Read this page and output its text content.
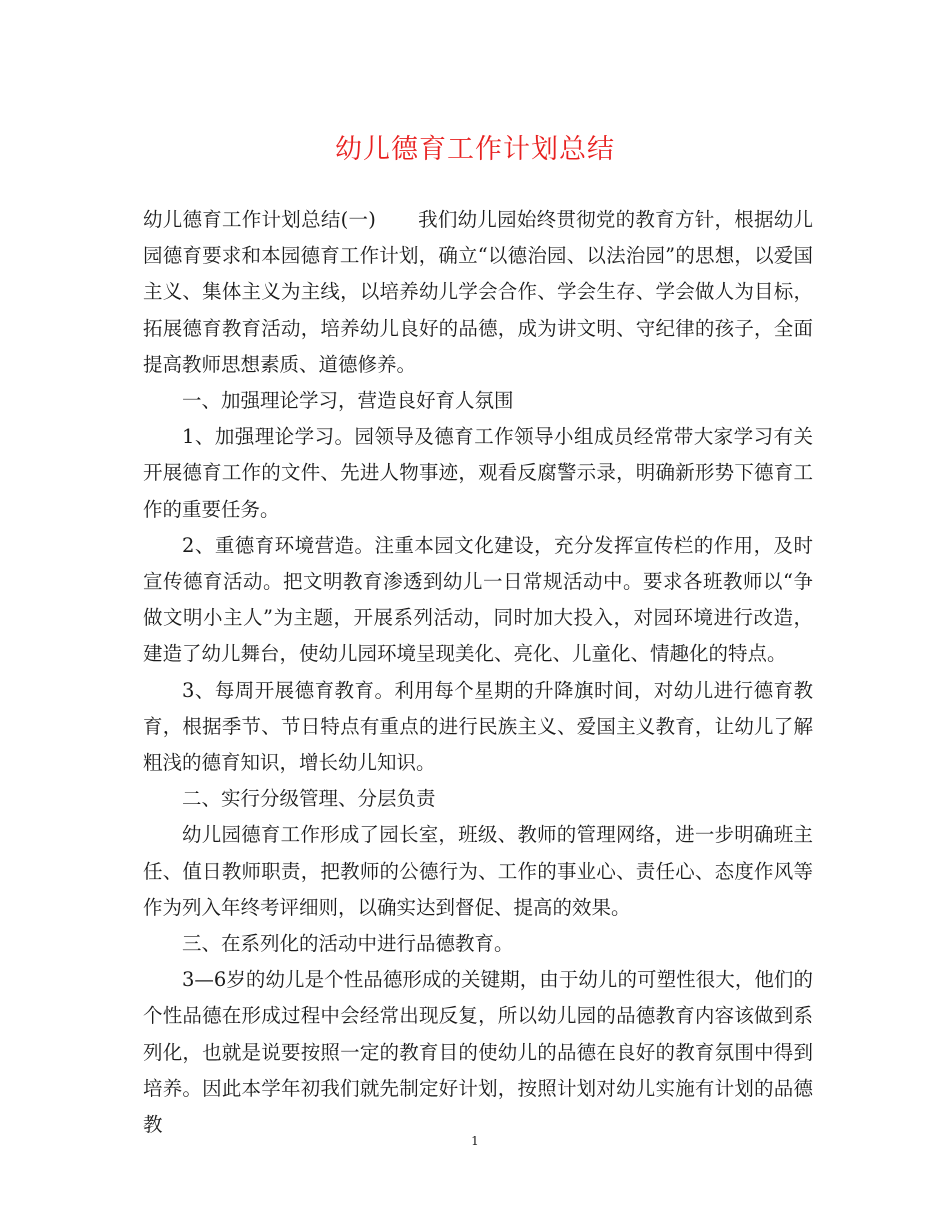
幼儿德育工作计划总结

幼儿德育工作计划总结(一) 我们幼儿园始终贯彻党的教育方针，根据幼儿园德育要求和本园德育工作计划，确立“以德治园、以法治园”的思想，以爱国主义、集体主义为主线，以培养幼儿学会合作、学会生存、学会做人为目标，拓展德育教育活动，培养幼儿良好的品德，成为讲文明、守纪律的孩子，全面提高教师思想素质、道德修养。

一、加强理论学习，营造良好育人氛围

1、加强理论学习。园领导及德育工作领导小组成员经常带大家学习有关开展德育工作的文件、先进人物事迹，观看反腐警示录，明确新形势下德育工作的重要任务。

2、重德育环境营造。注重本园文化建设，充分发挥宣传栏的作用，及时宣传德育活动。把文明教育渗透到幼儿一日常规活动中。要求各班教师以“争做文明小主人”为主题，开展系列活动，同时加大投入，对园环境进行改造，建造了幼儿舞台，使幼儿园环境呈现美化、亮化、儿童化、情趣化的特点。

3、每周开展德育教育。利用每个星期的升降旗时间，对幼儿进行德育教育，根据季节、节日特点有重点的进行民族主义、爱国主义教育，让幼儿了解粗浅的德育知识，增长幼儿知识。

二、实行分级管理、分层负责

幼儿园德育工作形成了园长室，班级、教师的管理网络，进一步明确班主任、值日教师职责，把教师的公德行为、工作的事业心、责任心、态度作风等作为列入年终考评细则，以确实达到督促、提高的效果。

三、在系列化的活动中进行品德教育。

3—6岁的幼儿是个性品德形成的关键期，由于幼儿的可塑性很大，他们的个性品德在形成过程中会经常出现反复，所以幼儿园的品德教育内容该做到系列化，也就是说要按照一定的教育目的使幼儿的品德在良好的教育氛围中得到培养。因此本学年初我们就先制定好计划，按照计划对幼儿实施有计划的品德教

1
